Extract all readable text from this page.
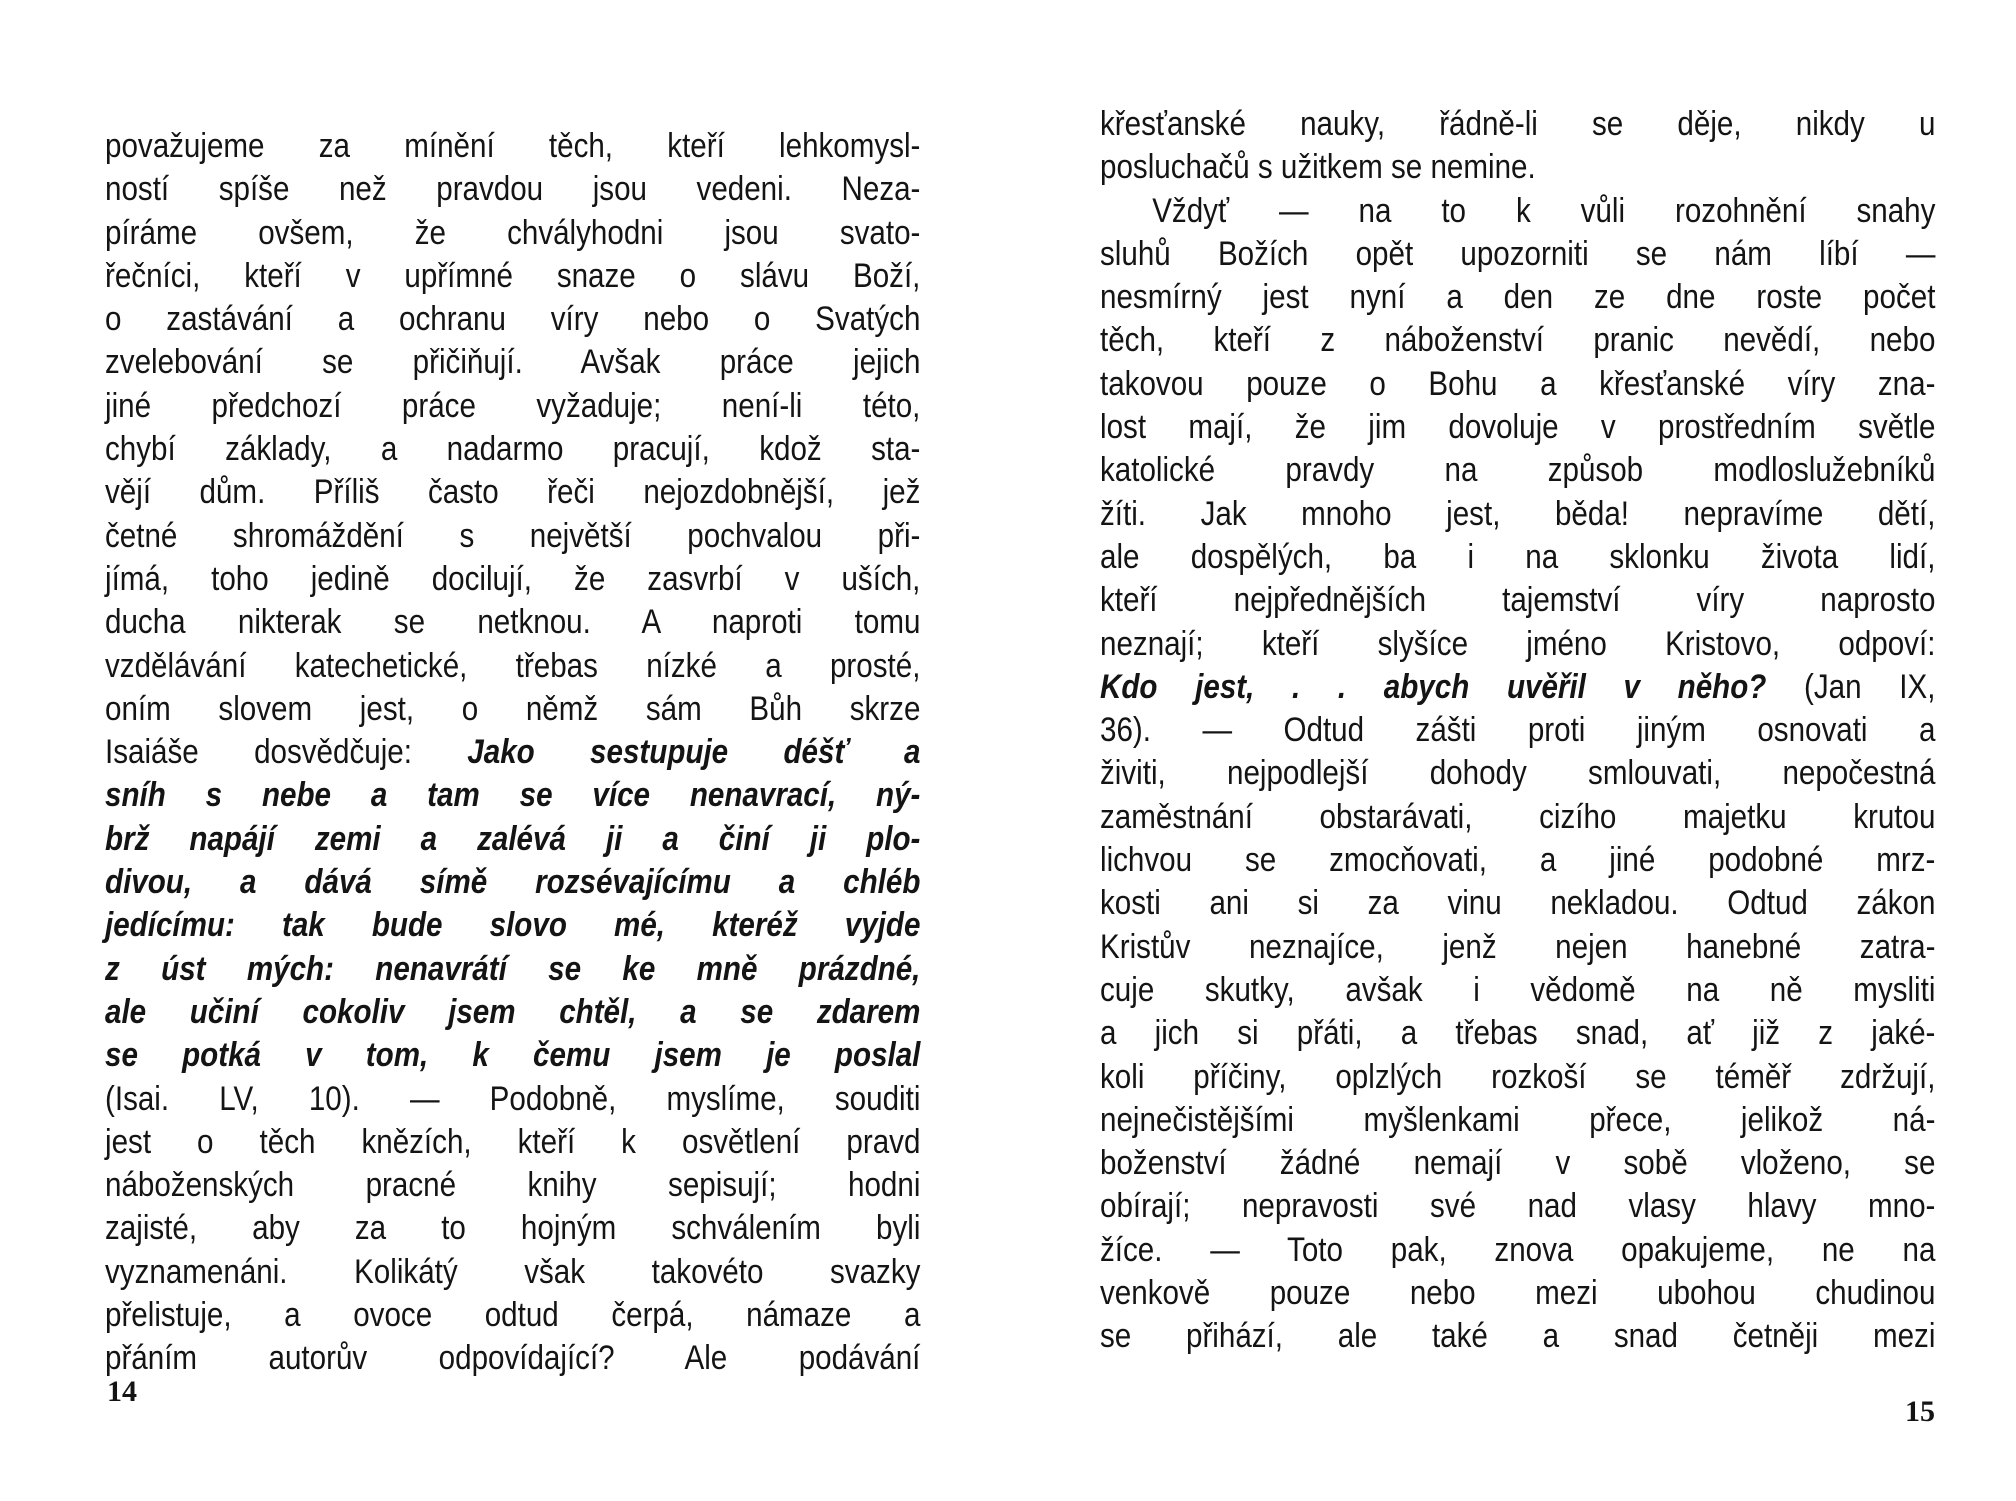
považujeme za mínění těch, kteří lehkomysl-
ností spíše než pravdou jsou vedeni. Neza-
píráme ovšem, že chvályhodni jsou svato-
řečníci, kteří v upřímné snaze o slávu Boží,
o zastávání a ochranu víry nebo o Svatých
zvelebování se přičiňují. Avšak práce jejich
jiné předchozí práce vyžaduje; není-li této,
chybí základy, a nadarmo pracují, kdož sta-
vějí dům. Příliš často řeči nejozdobnější, jež
četné shromáždění s největší pochvalou při-
jímá, toho jedině docilují, že zasvrbí v uších,
ducha nikterak se netknou. A naproti tomu
vzdělávání katechetické, třebas nízké a prosté,
oním slovem jest, o němž sám Bůh skrze
Isaiáše dosvědčuje: Jako sestupuje déšť a
sníh s nebe a tam se více nenavrací, ný-
brž napájí zemi a zalévá ji a činí ji plo-
divou, a dává símě rozsévajícímu a chléb
jedícímu: tak bude slovo mé, kteréž vyjde
z úst mých: nenavrátí se ke mně prázdné,
ale učiní cokoliv jsem chtěl, a se zdarem
se potká v tom, k čemu jsem je poslal
(Isai. LV, 10). — Podobně, myslíme, souditi
jest o těch knězích, kteří k osvětlení pravd
náboženských pracné knihy sepisují; hodni
zajisté, aby za to hojným schválením byli
vyznamenáni. Kolikátý však takovéto svazky
přelistuje, a ovoce odtud čerpá, námaze a
přáním autorův odpovídající? Ale podávání
14
křesťanské nauky, řádně-li se děje, nikdy u
posluchačů s užitkem se nemine.
Vždyť — na to k vůli rozohnění snahy
sluhů Božích opět upozorniti se nám líbí —
nesmírný jest nyní a den ze dne roste počet
těch, kteří z náboženství pranic nevědí, nebo
takovou pouze o Bohu a křesťanské víry zna-
lost mají, že jim dovoluje v prostředním světle
katolické pravdy na způsob modloslužebníků
žíti. Jak mnoho jest, běda! nepravíme dětí,
ale dospělých, ba i na sklonku života lidí,
kteří nejpřednějších tajemství víry naprosto
neznají; kteří slyšíce jméno Kristovo, odpoví:
Kdo jest, . . abych uvěřil v něho? (Jan IX,
36). — Odtud zášti proti jiným osnovati a
živiti, nejpodlejší dohody smlouvati, nepočestná
zaměstnání obstarávati, cizího majetku krutou
lichvou se zmocňovati, a jiné podobné mrz-
kosti ani si za vinu nekladou. Odtud zákon
Kristův neznajíce, jenž nejen hanebné zatra-
cuje skutky, avšak i vědomě na ně mysliti
a jich si přáti, a třebas snad, ať již z jaké-
koli příčiny, oplzlých rozkoší se téměř zdržují,
nejnečistějšími myšlenkami přece, jelikož ná-
boženství žádné nemají v sobě vloženo, se
obírají; nepravosti své nad vlasy hlavy mno-
žíce. — Toto pak, znova opakujeme, ne na
venkově pouze nebo mezi ubohou chudinou
se přihází, ale také a snad četněji mezi
15
